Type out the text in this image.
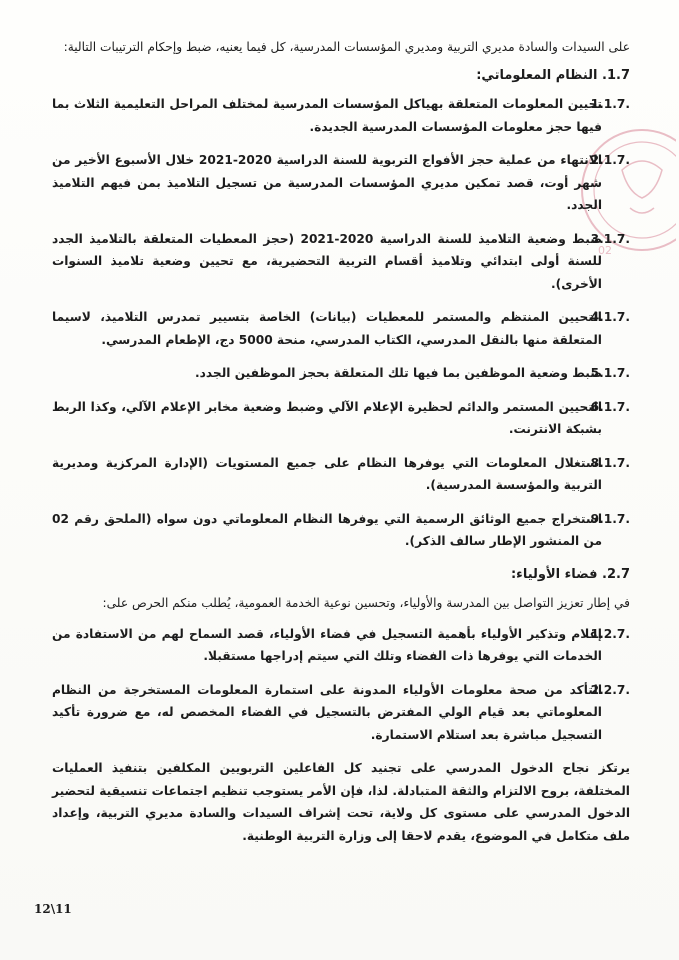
02

على السيدات والسادة مديري التربية ومديري المؤسسات المدرسية، كل فيما يعنيه، ضبط وإحكام الترتيبات التالية:

1.7. النظام المعلوماتي:
1.1.7.
تحيين المعلومات المتعلقة بهياكل المؤسسات المدرسية لمختلف المراحل التعليمية الثلاث بما فيها حجز معلومات المؤسسات المدرسية الجديدة.
2.1.7.
الانتهاء من عملية حجز الأفواج التربوية للسنة الدراسية 2020-2021 خلال الأسبوع الأخير من شهر أوت، قصد تمكين مديري المؤسسات المدرسية من تسجيل التلاميذ بمن فيهم التلاميذ الجدد.
3.1.7.
ضبط وضعية التلاميذ للسنة الدراسية 2020-2021 (حجز المعطيات المتعلقة بالتلاميذ الجدد للسنة أولى ابتدائي وتلاميذ أقسام التربية التحضيرية، مع تحيين وضعية تلاميذ السنوات الأخرى).
4.1.7.
التحيين المنتظم والمستمر للمعطيات (بيانات) الخاصة بتسيير تمدرس التلاميذ، لاسيما المتعلقة منها بالنقل المدرسي، الكتاب المدرسي، منحة 5000 دج، الإطعام المدرسي.
5.1.7.
ضبط وضعية الموظفين بما فيها تلك المتعلقة بحجز الموظفين الجدد.
6.1.7.
التحيين المستمر والدائم لحظيرة الإعلام الآلي وضبط وضعية مخابر الإعلام الآلي، وكذا الربط بشبكة الانترنت.
8.1.7.
استغلال المعلومات التي يوفرها النظام على جميع المستويات (الإدارة المركزية ومديرية التربية والمؤسسة المدرسية).
9.1.7.
استخراج جميع الوثائق الرسمية التي يوفرها النظام المعلوماتي دون سواه (الملحق رقم 02 من المنشور الإطار سالف الذكر).
2.7. فضاء الأولياء:

في إطار تعزيز التواصل بين المدرسة والأولياء، وتحسين نوعية الخدمة العمومية، يُطلب منكم الحرص على:

1.2.7.
إعلام وتذكير الأولياء بأهمية التسجيل في فضاء الأولياء، قصد السماح لهم من الاستفادة من الخدمات التي يوفرها ذات الفضاء وتلك التي سيتم إدراجها مستقبلا.
2.2.7.
التأكد من صحة معلومات الأولياء المدونة على استمارة المعلومات المستخرجة من النظام المعلوماتي بعد قيام الولي المفترض بالتسجيل في الفضاء المخصص له، مع ضرورة تأكيد التسجيل مباشرة بعد استلام الاستمارة.

يرتكز نجاح الدخول المدرسي على تجنيد كل الفاعلين التربويين المكلفين بتنفيذ العمليات المختلفة، بروح الالتزام والثقة المتبادلة. لذا، فإن الأمر يستوجب تنظيم اجتماعات تنسيقية لتحضير الدخول المدرسي على مستوى كل ولاية، تحت إشراف السيدات والسادة مديري التربية، وإعداد ملف متكامل في الموضوع، يقدم لاحقا إلى وزارة التربية الوطنية.

12\11
